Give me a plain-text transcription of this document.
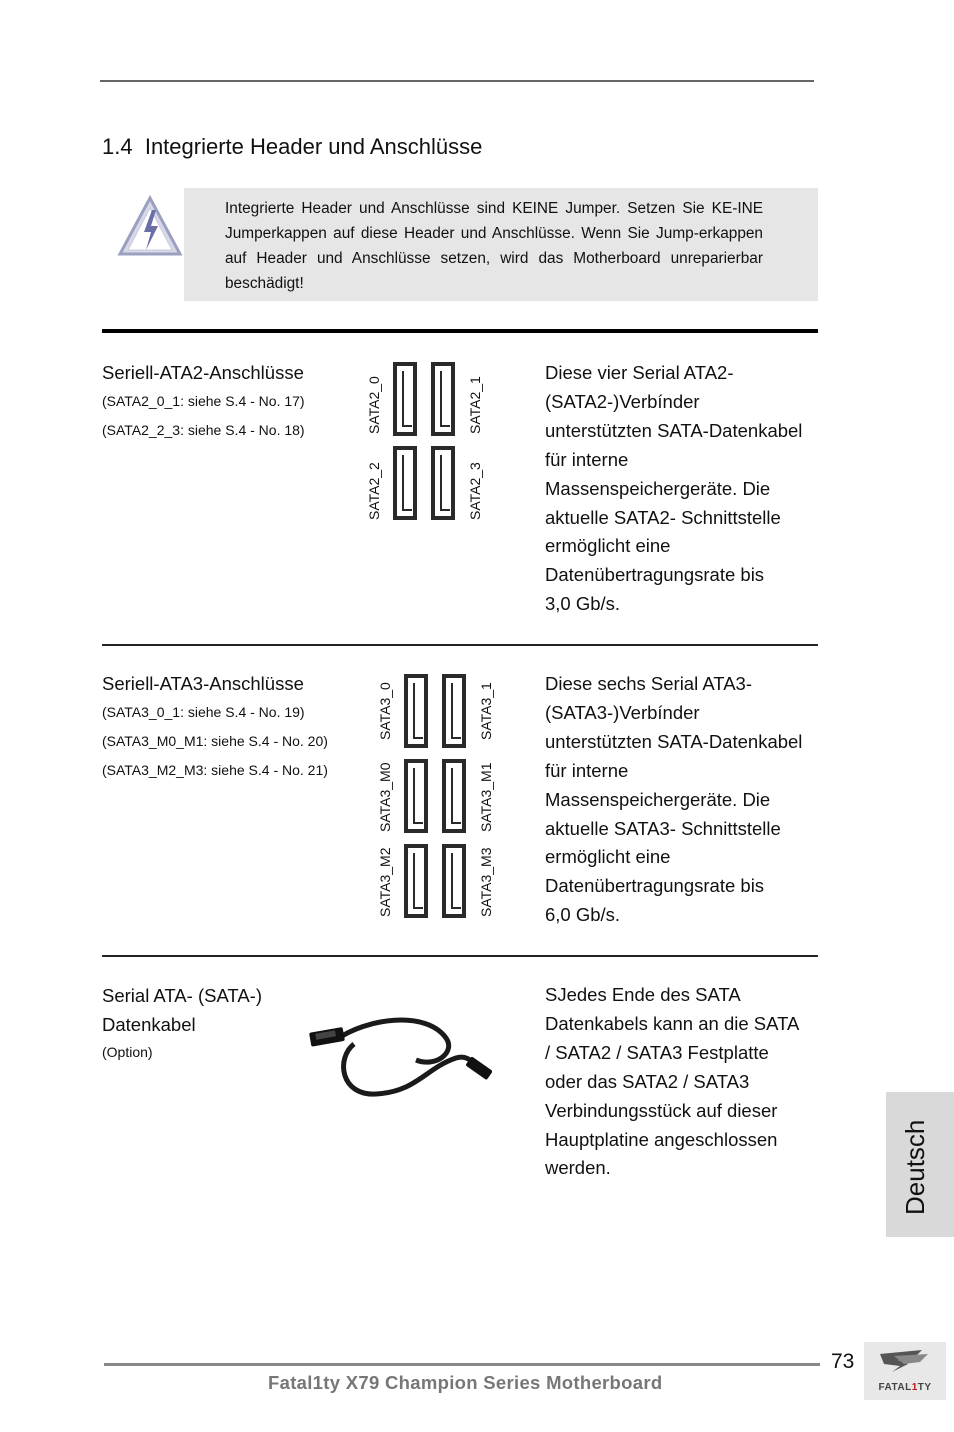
1.4 Integrierte Header und Anschlüsse
Integrierte Header und Anschlüsse sind KEINE Jumper. Setzen Sie KE-INE Jumperkappen auf diese Header und Anschlüsse. Wenn Sie Jump-erkappen auf Header und Anschlüsse setzen, wird das Motherboard unreparierbar beschädigt!
Seriell-ATA2-Anschlüsse
(SATA2_0_1: siehe S.4 - No. 17)
(SATA2_2_3: siehe S.4 - No. 18)	SATA2_0	SATA2_1
SATA2_2	SATA2_3
Diese vier Serial ATA2-
(SATA2-)Verbínder
unterstützten SATA-Datenkabel
für interne
Massenspeichergeräte. Die
aktuelle SATA2- Schnittstelle
ermöglicht eine
Datenübertragungsrate bis
3,0 Gb/s.
Seriell-ATA3-Anschlüsse
(SATA3_0_1: siehe S.4 - No. 19)
(SATA3_M0_M1: siehe S.4 - No. 20)
(SATA3_M2_M3: siehe S.4 - No. 21)
SATA3_0	SATA3_1
SATA3_M0	SATA3_M1
SATA3_M2	SATA3_M3
Diese sechs Serial ATA3-
(SATA3-)Verbínder
unterstützten SATA-Datenkabel
für interne
Massenspeichergeräte. Die
aktuelle SATA3- Schnittstelle
ermöglicht eine
Datenübertragungsrate bis
6,0 Gb/s.
Serial ATA- (SATA-)
Datenkabel
(Option)
SJedes Ende des SATA
Datenkabels kann an die SATA
/ SATA2 / SATA3 Festplatte
oder das SATA2 / SATA3
Verbindungsstück auf dieser
Hauptplatine angeschlossen
werden.	Deutsch
73
Fatal1ty X79 Champion Series Motherboard	FATAL1TY
